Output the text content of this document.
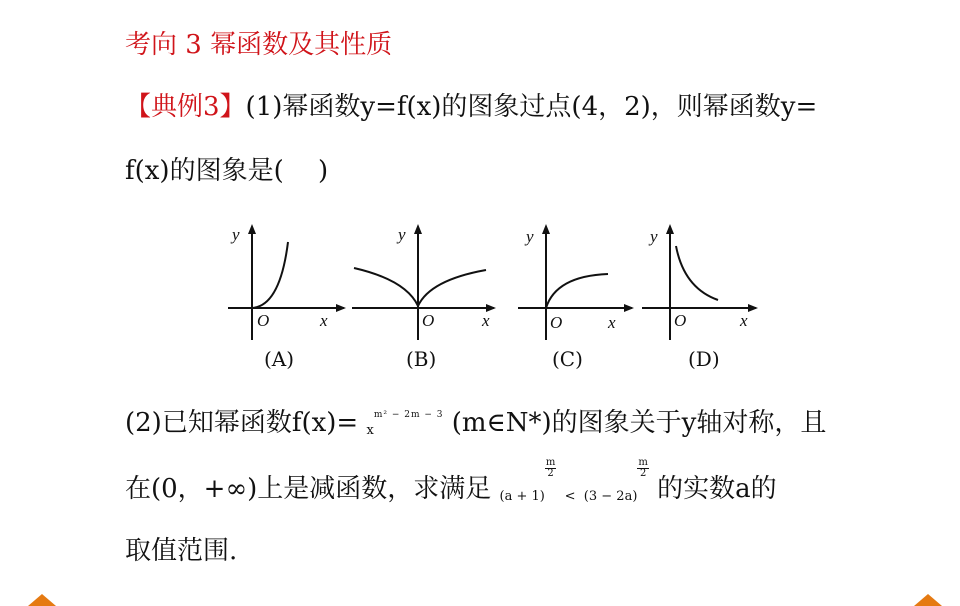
考向 3 幂函数及其性质
【典例3】(1)幂函数y=f(x)的图象过点(4，2)，则幂函数y=
f(x)的图象是(　 )
y
x
O
(A)
y
x
O
(B)
y
x
O
(C)
y
x
O
(D)
(2)已知幂函数f(x)= $_x^{m^2 - 2m - 3}$ (m∈N*)的图象关于y轴对称，且
在(0，+∞)上是减函数，求满足 $_{(a + 1)}$
$\frac{m}{2} _<$ $_{(3 - 2a)}$
$\frac{m}{2}$ 的实数a的
取值范围.
